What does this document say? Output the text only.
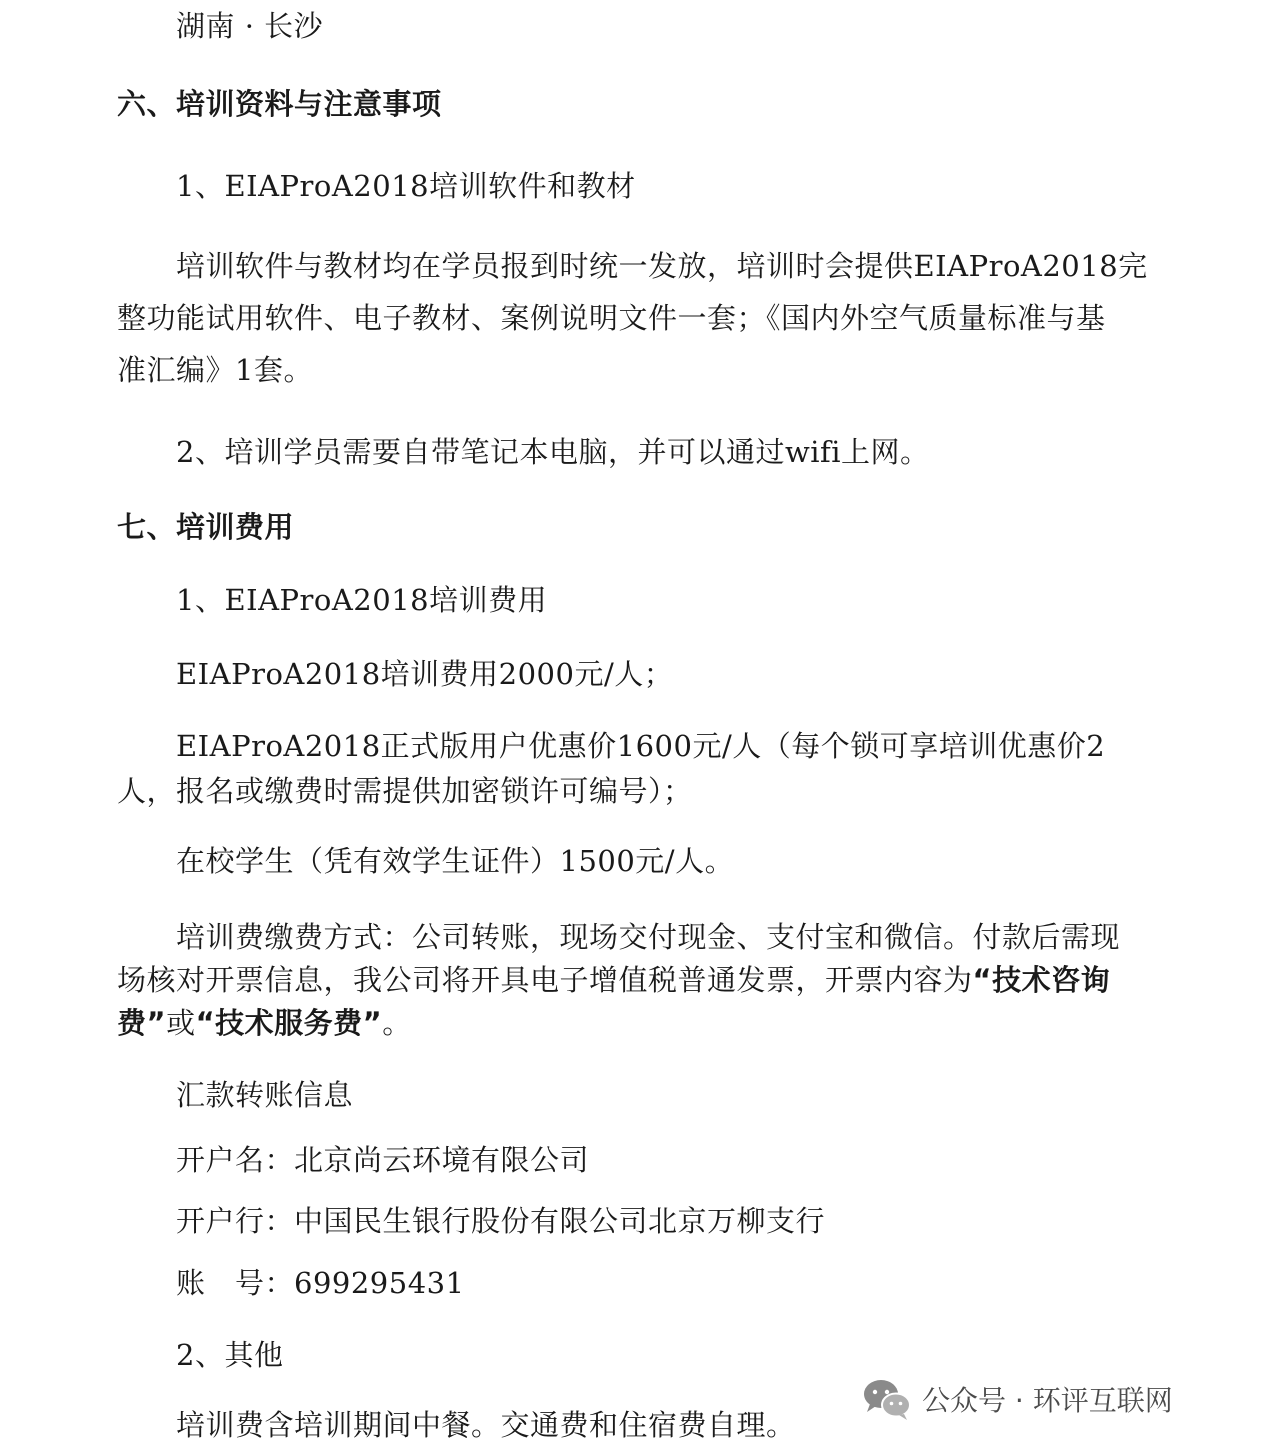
湖南 · 长沙
六、培训资料与注意事项
1、EIAProA2018培训软件和教材
培训软件与教材均在学员报到时统一发放，培训时会提供EIAProA2018完
整功能试用软件、电子教材、案例说明文件一套；《国内外空气质量标准与基
准汇编》1套。
2、培训学员需要自带笔记本电脑，并可以通过wifi上网。
七、培训费用
1、EIAProA2018培训费用
EIAProA2018培训费用2000元/人；
EIAProA2018正式版用户优惠价1600元/人（每个锁可享培训优惠价2
人，报名或缴费时需提供加密锁许可编号）；
在校学生（凭有效学生证件）1500元/人。
培训费缴费方式：公司转账，现场交付现金、支付宝和微信。付款后需现
场核对开票信息，我公司将开具电子增值税普通发票，开票内容为“技术咨询
费”或“技术服务费”。
汇款转账信息
开户名：北京尚云环境有限公司
开户行：中国民生银行股份有限公司北京万柳支行
账　号：699295431
2、其他
培训费含培训期间中餐。交通费和住宿费自理。
公众号 · 环评互联网
